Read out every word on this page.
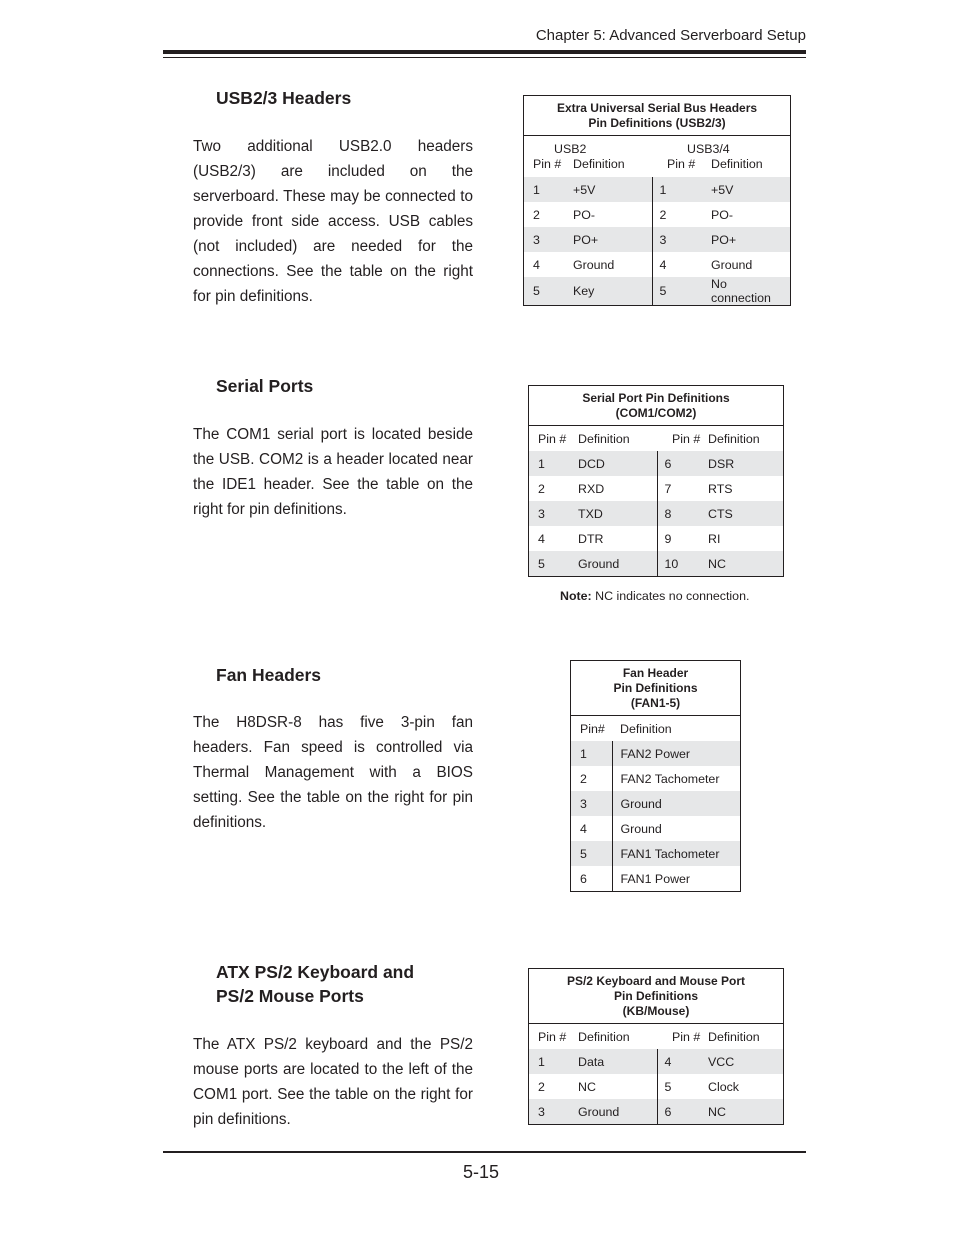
Chapter 5: Advanced Serverboard Setup
USB2/3 Headers

Two additional USB2.0 headers (USB2/3) are included on the serverboard. These may be connected to provide front side access. USB cables (not included) are needed for the connections. See the table on the right for pin definitions.

Extra Universal Serial Bus Headers
Pin Definitions (USB2/3)			

USB2		USB3/4	
Pin #	Definition	Pin #	Definition
1	+5V	1	+5V
2	PO-	2	PO-
3	PO+	3	PO+
4	Ground	4	Ground
5	Key	5	No connection
Serial Ports

The COM1 serial port is located beside the USB. COM2 is a header located near the IDE1 header. See the table on the right for pin definitions.

Serial Port Pin Definitions
(COM1/COM2)			

Pin #	Definition	Pin #	Definition
1	DCD	6	DSR
2	RXD	7	RTS
3	TXD	8	CTS
4	DTR	9	RI
5	Ground	10	NC
Note: NC indicates no connection.
Fan Headers

The H8DSR-8 has five 3-pin fan headers. Fan speed is controlled via Thermal Management with a BIOS setting. See the table on the right for pin definitions.

Fan Header
Pin Definitions
(FAN1-5)	

Pin#	Definition
1	FAN2 Power
2	FAN2 Tachometer
3	Ground
4	Ground
5	FAN1 Tachometer
6	FAN1 Power
ATX PS/2 Keyboard and
PS/2 Mouse Ports

The ATX PS/2 keyboard and the PS/2 mouse ports are located to the left of the COM1 port. See the table on the right for pin definitions.

PS/2 Keyboard and Mouse Port
Pin Definitions
(KB/Mouse)			

Pin #	Definition	Pin #	Definition
1	Data	4	VCC
2	NC	5	Clock
3	Ground	6	NC
5-15
